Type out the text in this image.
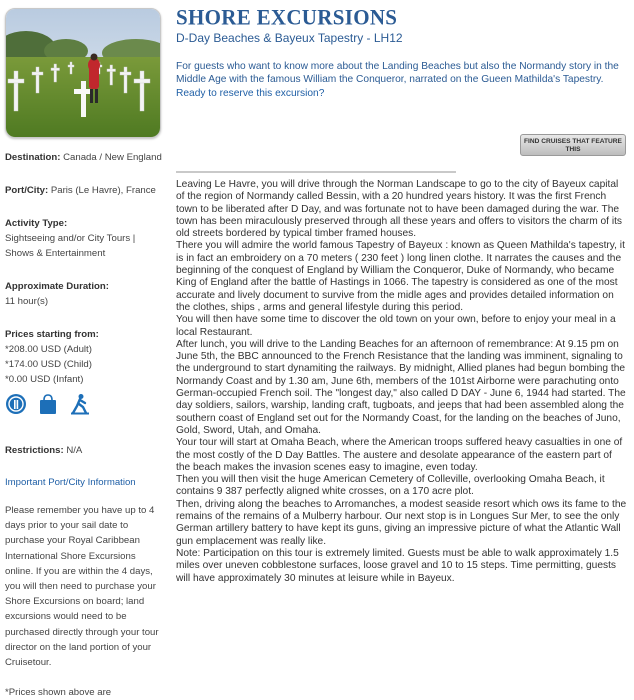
Destination: Canada / New England
Port/City: Paris (Le Havre), France
Activity Type:
Sightseeing and/or City Tours | Shows & Entertainment
Approximate Duration:
11 hour(s)
Prices starting from:
*208.00 USD (Adult)
*174.00 USD (Child)
*0.00 USD (Infant)
Restrictions: N/A
Important Port/City Information
Please remember you have up to 4 days prior to your sail date to purchase your Royal Caribbean International Shore Excursions online. If you are within the 4 days, you will then need to purchase your Shore Excursions on board; land excursions would need to be purchased directly through your tour director on the land portion of your Cruisetour.
*Prices shown above are
SHORE EXCURSIONS
D-Day Beaches & Bayeux Tapestry - LH12
For guests who want to know more about the Landing Beaches but also the Normandy story in the Middle Age with the famous William the Conqueror, narrated on the Gueen Mathilda's Tapestry.
Ready to reserve this excursion?
FIND CRUISES THAT FEATURE THIS

Leaving Le Havre, you will drive through the Norman Landscape to go to the city of Bayeux capital of the region of Normandy called Bessin, with a 20 hundred years history. It was the first French town to be liberated after D Day, and was fortunate not to have been damaged during the war. The town has been miraculously preserved through all these years and offers to visitors the charm of its old streets bordered by typical timber framed houses.

There you will admire the world famous Tapestry of Bayeux : known as Queen Mathilda's tapestry, it is in fact an embroidery on a 70 meters ( 230 feet ) long linen clothe. It narrates the causes and the beginning of the conquest of England by William the Conqueror, Duke of Normandy, who became King of England after the battle of Hastings in 1066. The tapestry is considered as one of the most accurate and lively document to survive from the midle ages and provides detailed information on the clothes, ships , arms and general lifestyle during this period.

You will then have some time to discover the old town on your own, before to enjoy your meal in a local Restaurant.

After lunch, you will drive to the Landing Beaches for an afternoon of remembrance: At 9.15 pm on June 5th, the BBC announced to the French Resistance that the landing was imminent, signaling to the underground to start dynamiting the railways. By midnight, Allied planes had begun bombing the Normandy Coast and by 1.30 am, June 6th, members of the 101st Airborne were parachuting onto German-occupied French soil. The "longest day," also called D DAY - June 6, 1944 had started. The day soldiers, sailors, warship, landing craft, tugboats, and jeeps that had been assembled along the southern coast of England set out for the Normandy Coast, for the landing on the beaches of Juno, Gold, Sword, Utah, and Omaha.

Your tour will start at Omaha Beach, where the American troops suffered heavy casualties in one of the most costly of the D Day Battles. The austere and desolate appearance of the eastern part of the beach makes the invasion scenes easy to imagine, even today.

Then you will then visit the huge American Cemetery of Colleville, overlooking Omaha Beach, it contains 9 387 perfectly aligned white crosses, on a 170 acre plot.

Then, driving along the beaches to Arromanches, a modest seaside resort which ows its fame to the remains of the remains of a Mulberry harbour. Our next stop is in Longues Sur Mer, to see the only German artillery battery to have kept its guns, giving an impressive picture of what the Atlantic Wall gun emplacement was really like.

Note: Participation on this tour is extremely limited. Guests must be able to walk approximately 1.5 miles over uneven cobblestone surfaces, loose gravel and 10 to 15 steps. Time permitting, guests will have approximately 30 minutes at leisure while in Bayeux.
